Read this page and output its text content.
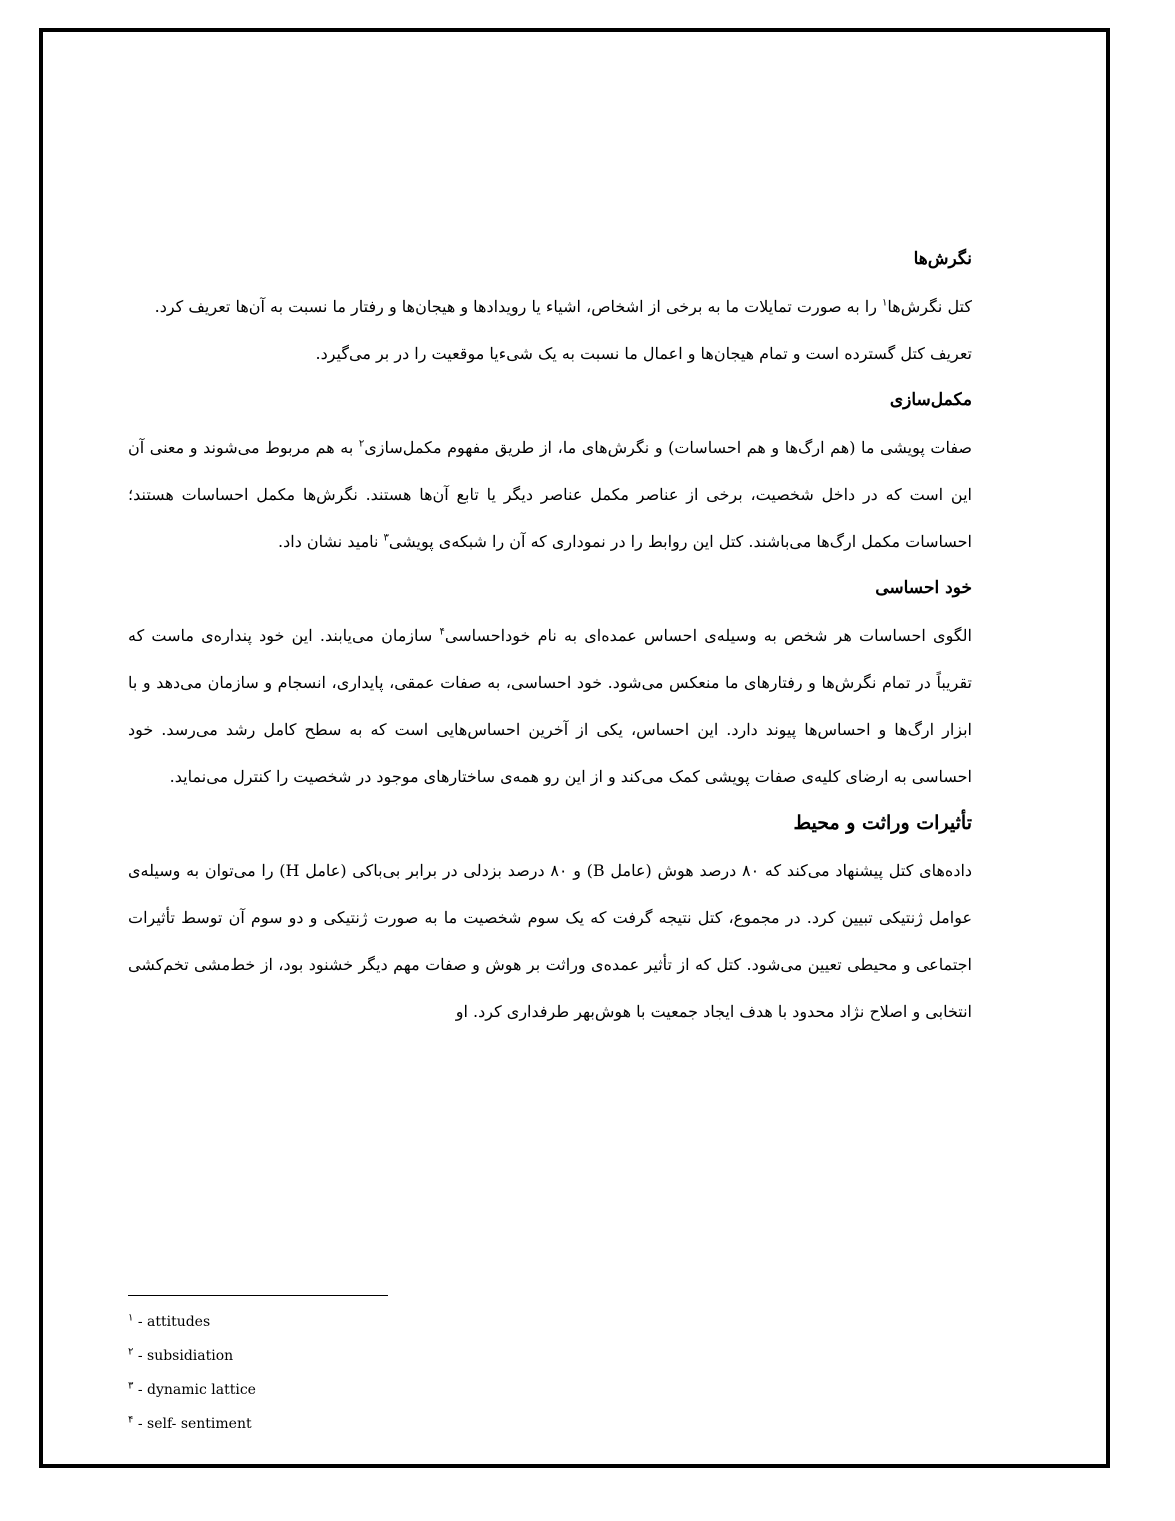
نگرش‌ها

کتل نگرش‌ها$^۱$ را به صورت تمایلات ما به برخی از اشخاص، اشیاء یا رویدادها و هیجان‌ها و رفتار ما نسبت به آن‌ها تعریف کرد.

تعریف کتل گسترده است و تمام هیجان‌ها و اعمال ما نسبت به یک شیءیا موقعیت را در بر می‌گیرد.

مکمل‌سازی

صفات پویشی ما (هم ارگ‌ها و هم احساسات) و نگرش‌های ما، از طریق مفهوم مکمل‌سازی$^۲$ به هم مربوط می‌شوند و معنی آن این است که در داخل شخصیت، برخی از عناصر مکمل عناصر دیگر یا تابع آن‌ها هستند. نگرش‌ها مکمل احساسات هستند؛ احساسات مکمل ارگ‌ها می‌باشند. کتل این روابط را در نموداری که آن را شبکه‌ی پویشی$^۳$ نامید نشان داد.

خود احساسی

الگوی احساسات هر شخص به وسیله‌ی احساس عمده‌ای به نام خوداحساسی$^۴$ سازمان می‌یابند. این خود پنداره‌ی ماست که تقریباً در تمام نگرش‌ها و رفتارهای ما منعکس می‌شود. خود احساسی، به صفات عمقی، پایداری، انسجام و سازمان می‌دهد و با ابزار ارگ‌ها و احساس‌ها پیوند دارد. این احساس، یکی از آخرین احساس‌هایی است که به سطح کامل رشد می‌رسد. خود احساسی به ارضای کلیه‌ی صفات پویشی کمک می‌کند و از این رو همه‌ی ساختارهای موجود در شخصیت را کنترل می‌نماید.

تأثیرات وراثت و محیط

داده‌های کتل پیشنهاد می‌کند که ۸۰ درصد هوش (عامل B) و ۸۰ درصد بزدلی در برابر بی‌باکی (عامل H) را می‌توان به وسیله‌ی عوامل ژنتیکی تبیین کرد. در مجموع، کتل نتیجه گرفت که یک سوم شخصیت ما به صورت ژنتیکی و دو سوم آن توسط تأثیرات اجتماعی و محیطی تعیین می‌شود. کتل که از تأثیر عمده‌ی وراثت بر هوش و صفات مهم دیگر خشنود بود، از خط‌مشی تخم‌کشی انتخابی و اصلاح نژاد محدود با هدف ایجاد جمعیت با هوش‌بهر طرفداری کرد. او

$^۱$ - attitudes
$^۲$ - subsidiation
$^۳$ - dynamic lattice
$^۴$ - self- sentiment
